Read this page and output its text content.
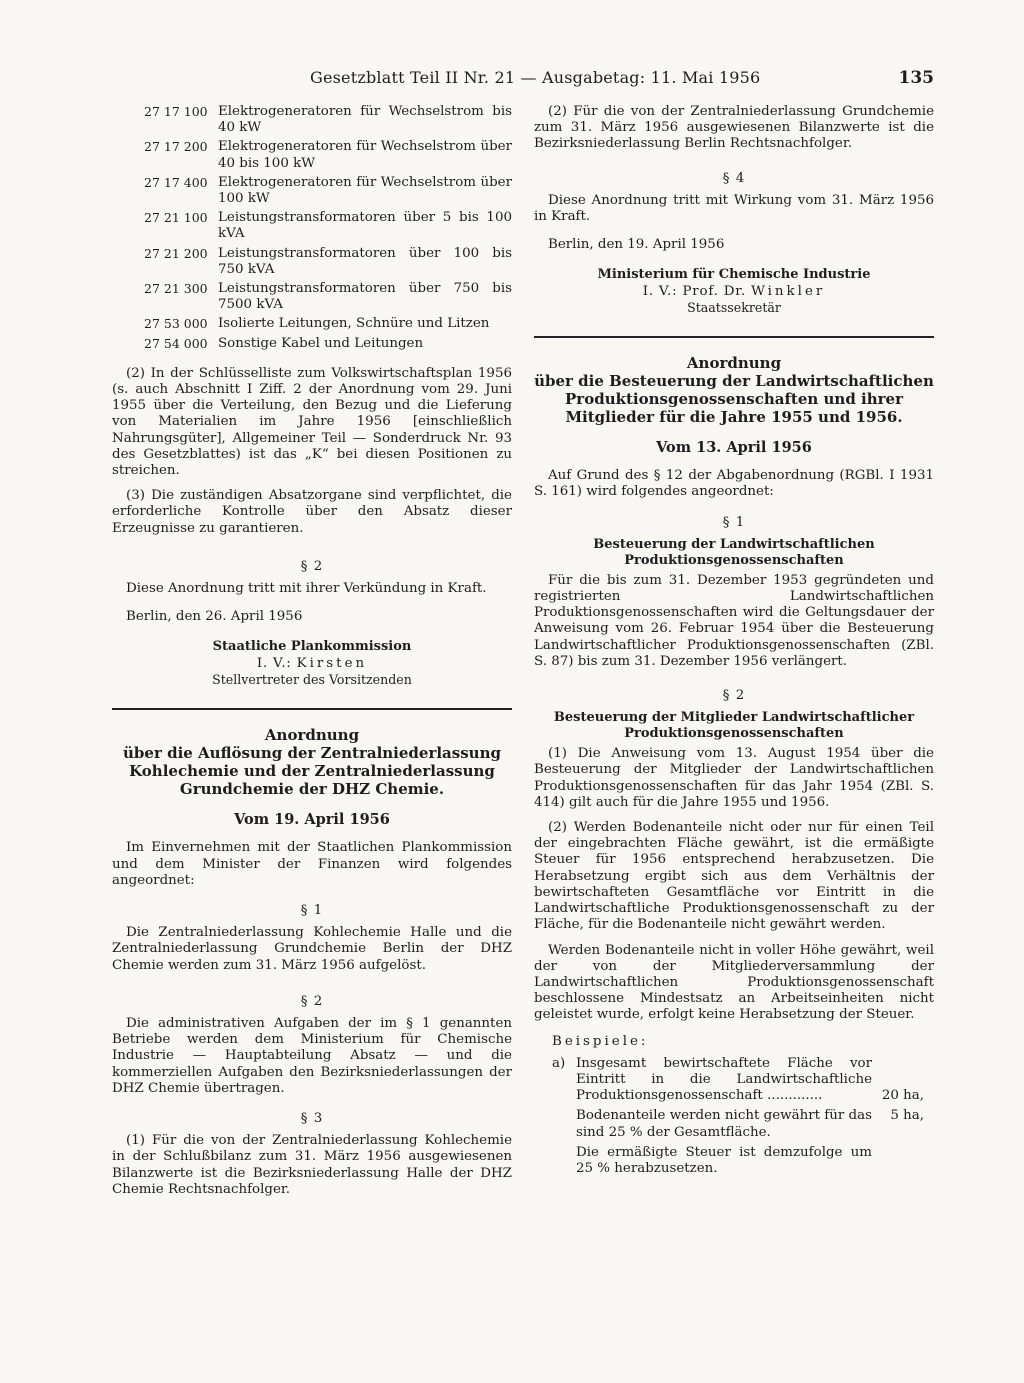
Gesetzblatt Teil II Nr. 21 — Ausgabetag: 11. Mai 1956	135
27 17 100 Elektrogeneratoren für Wechselstrom bis 40 kW
27 17 200 Elektrogeneratoren für Wechselstrom über 40 bis 100 kW
27 17 400 Elektrogeneratoren für Wechselstrom über 100 kW
27 21 100 Leistungstransformatoren über 5 bis 100 kVA
27 21 200 Leistungstransformatoren über 100 bis 750 kVA
27 21 300 Leistungstransformatoren über 750 bis 7500 kVA
27 53 000 Isolierte Leitungen, Schnüre und Litzen
27 54 000 Sonstige Kabel und Leitungen

(2) In der Schlüsselliste zum Volkswirtschaftsplan 1956 (s. auch Abschnitt I Ziff. 2 der Anordnung vom 29. Juni 1955 über die Verteilung, den Bezug und die Lieferung von Materialien im Jahre 1956 [einschließlich Nahrungsgüter], Allgemeiner Teil — Sonderdruck Nr. 93 des Gesetzblattes) ist das „K“ bei diesen Positionen zu streichen.

(3) Die zuständigen Absatzorgane sind verpflichtet, die erforderliche Kontrolle über den Absatz dieser Erzeugnisse zu garantieren.

§ 2

Diese Anordnung tritt mit ihrer Verkündung in Kraft.

Berlin, den 26. April 1956

Staatliche Plankommission
I. V.: Kirsten
Stellvertreter des Vorsitzenden
Anordnung
über die Auflösung der Zentralniederlassung Kohlechemie und der Zentralniederlassung Grundchemie der DHZ Chemie.
Vom 19. April 1956

Im Einvernehmen mit der Staatlichen Plankommission und dem Minister der Finanzen wird folgendes angeordnet:

§ 1

Die Zentralniederlassung Kohlechemie Halle und die Zentralniederlassung Grundchemie Berlin der DHZ Chemie werden zum 31. März 1956 aufgelöst.

§ 2

Die administrativen Aufgaben der im § 1 genannten Betriebe werden dem Ministerium für Chemische Industrie — Hauptabteilung Absatz — und die kommerziellen Aufgaben den Bezirksniederlassungen der DHZ Chemie übertragen.

§ 3

(1) Für die von der Zentralniederlassung Kohlechemie in der Schlußbilanz zum 31. März 1956 ausgewiesenen Bilanzwerte ist die Bezirksniederlassung Halle der DHZ Chemie Rechtsnachfolger.

(2) Für die von der Zentralniederlassung Grundchemie zum 31. März 1956 ausgewiesenen Bilanzwerte ist die Bezirksniederlassung Berlin Rechtsnachfolger.

§ 4

Diese Anordnung tritt mit Wirkung vom 31. März 1956 in Kraft.

Berlin, den 19. April 1956

Ministerium für Chemische Industrie
I. V.: Prof. Dr. Winkler
Staatssekretär
Anordnung
über die Besteuerung der Landwirtschaftlichen Produktionsgenossenschaften und ihrer Mitglieder für die Jahre 1955 und 1956.
Vom 13. April 1956

Auf Grund des § 12 der Abgabenordnung (RGBl. I 1931 S. 161) wird folgendes angeordnet:

§ 1
Besteuerung der Landwirtschaftlichen Produktionsgenossenschaften

Für die bis zum 31. Dezember 1953 gegründeten und registrierten Landwirtschaftlichen Produktionsgenossenschaften wird die Geltungsdauer der Anweisung vom 26. Februar 1954 über die Besteuerung Landwirtschaftlicher Produktionsgenossenschaften (ZBl. S. 87) bis zum 31. Dezember 1956 verlängert.

§ 2
Besteuerung der Mitglieder Landwirtschaftlicher Produktionsgenossenschaften

(1) Die Anweisung vom 13. August 1954 über die Besteuerung der Mitglieder der Landwirtschaftlichen Produktionsgenossenschaften für das Jahr 1954 (ZBl. S. 414) gilt auch für die Jahre 1955 und 1956.

(2) Werden Bodenanteile nicht oder nur für einen Teil der eingebrachten Fläche gewährt, ist die ermäßigte Steuer für 1956 entsprechend herabzusetzen. Die Herabsetzung ergibt sich aus dem Verhältnis der bewirtschafteten Gesamtfläche vor Eintritt in die Landwirtschaftliche Produktionsgenossenschaft zu der Fläche, für die Bodenanteile nicht gewährt werden.

Werden Bodenanteile nicht in voller Höhe gewährt, weil der von der Mitgliederversammlung der Landwirtschaftlichen Produktionsgenossenschaft beschlossene Mindestsatz an Arbeitseinheiten nicht geleistet wurde, erfolgt keine Herabsetzung der Steuer.

Beispiele:
a) Insgesamt bewirtschaftete Fläche vor Eintritt in die Landwirtschaftliche Produktionsgenossenschaft .............	20 ha,
Bodenanteile werden nicht gewährt für das sind 25 % der Gesamtfläche.
5 ha,
Die ermäßigte Steuer ist demzufolge um 25 % herabzusetzen.
